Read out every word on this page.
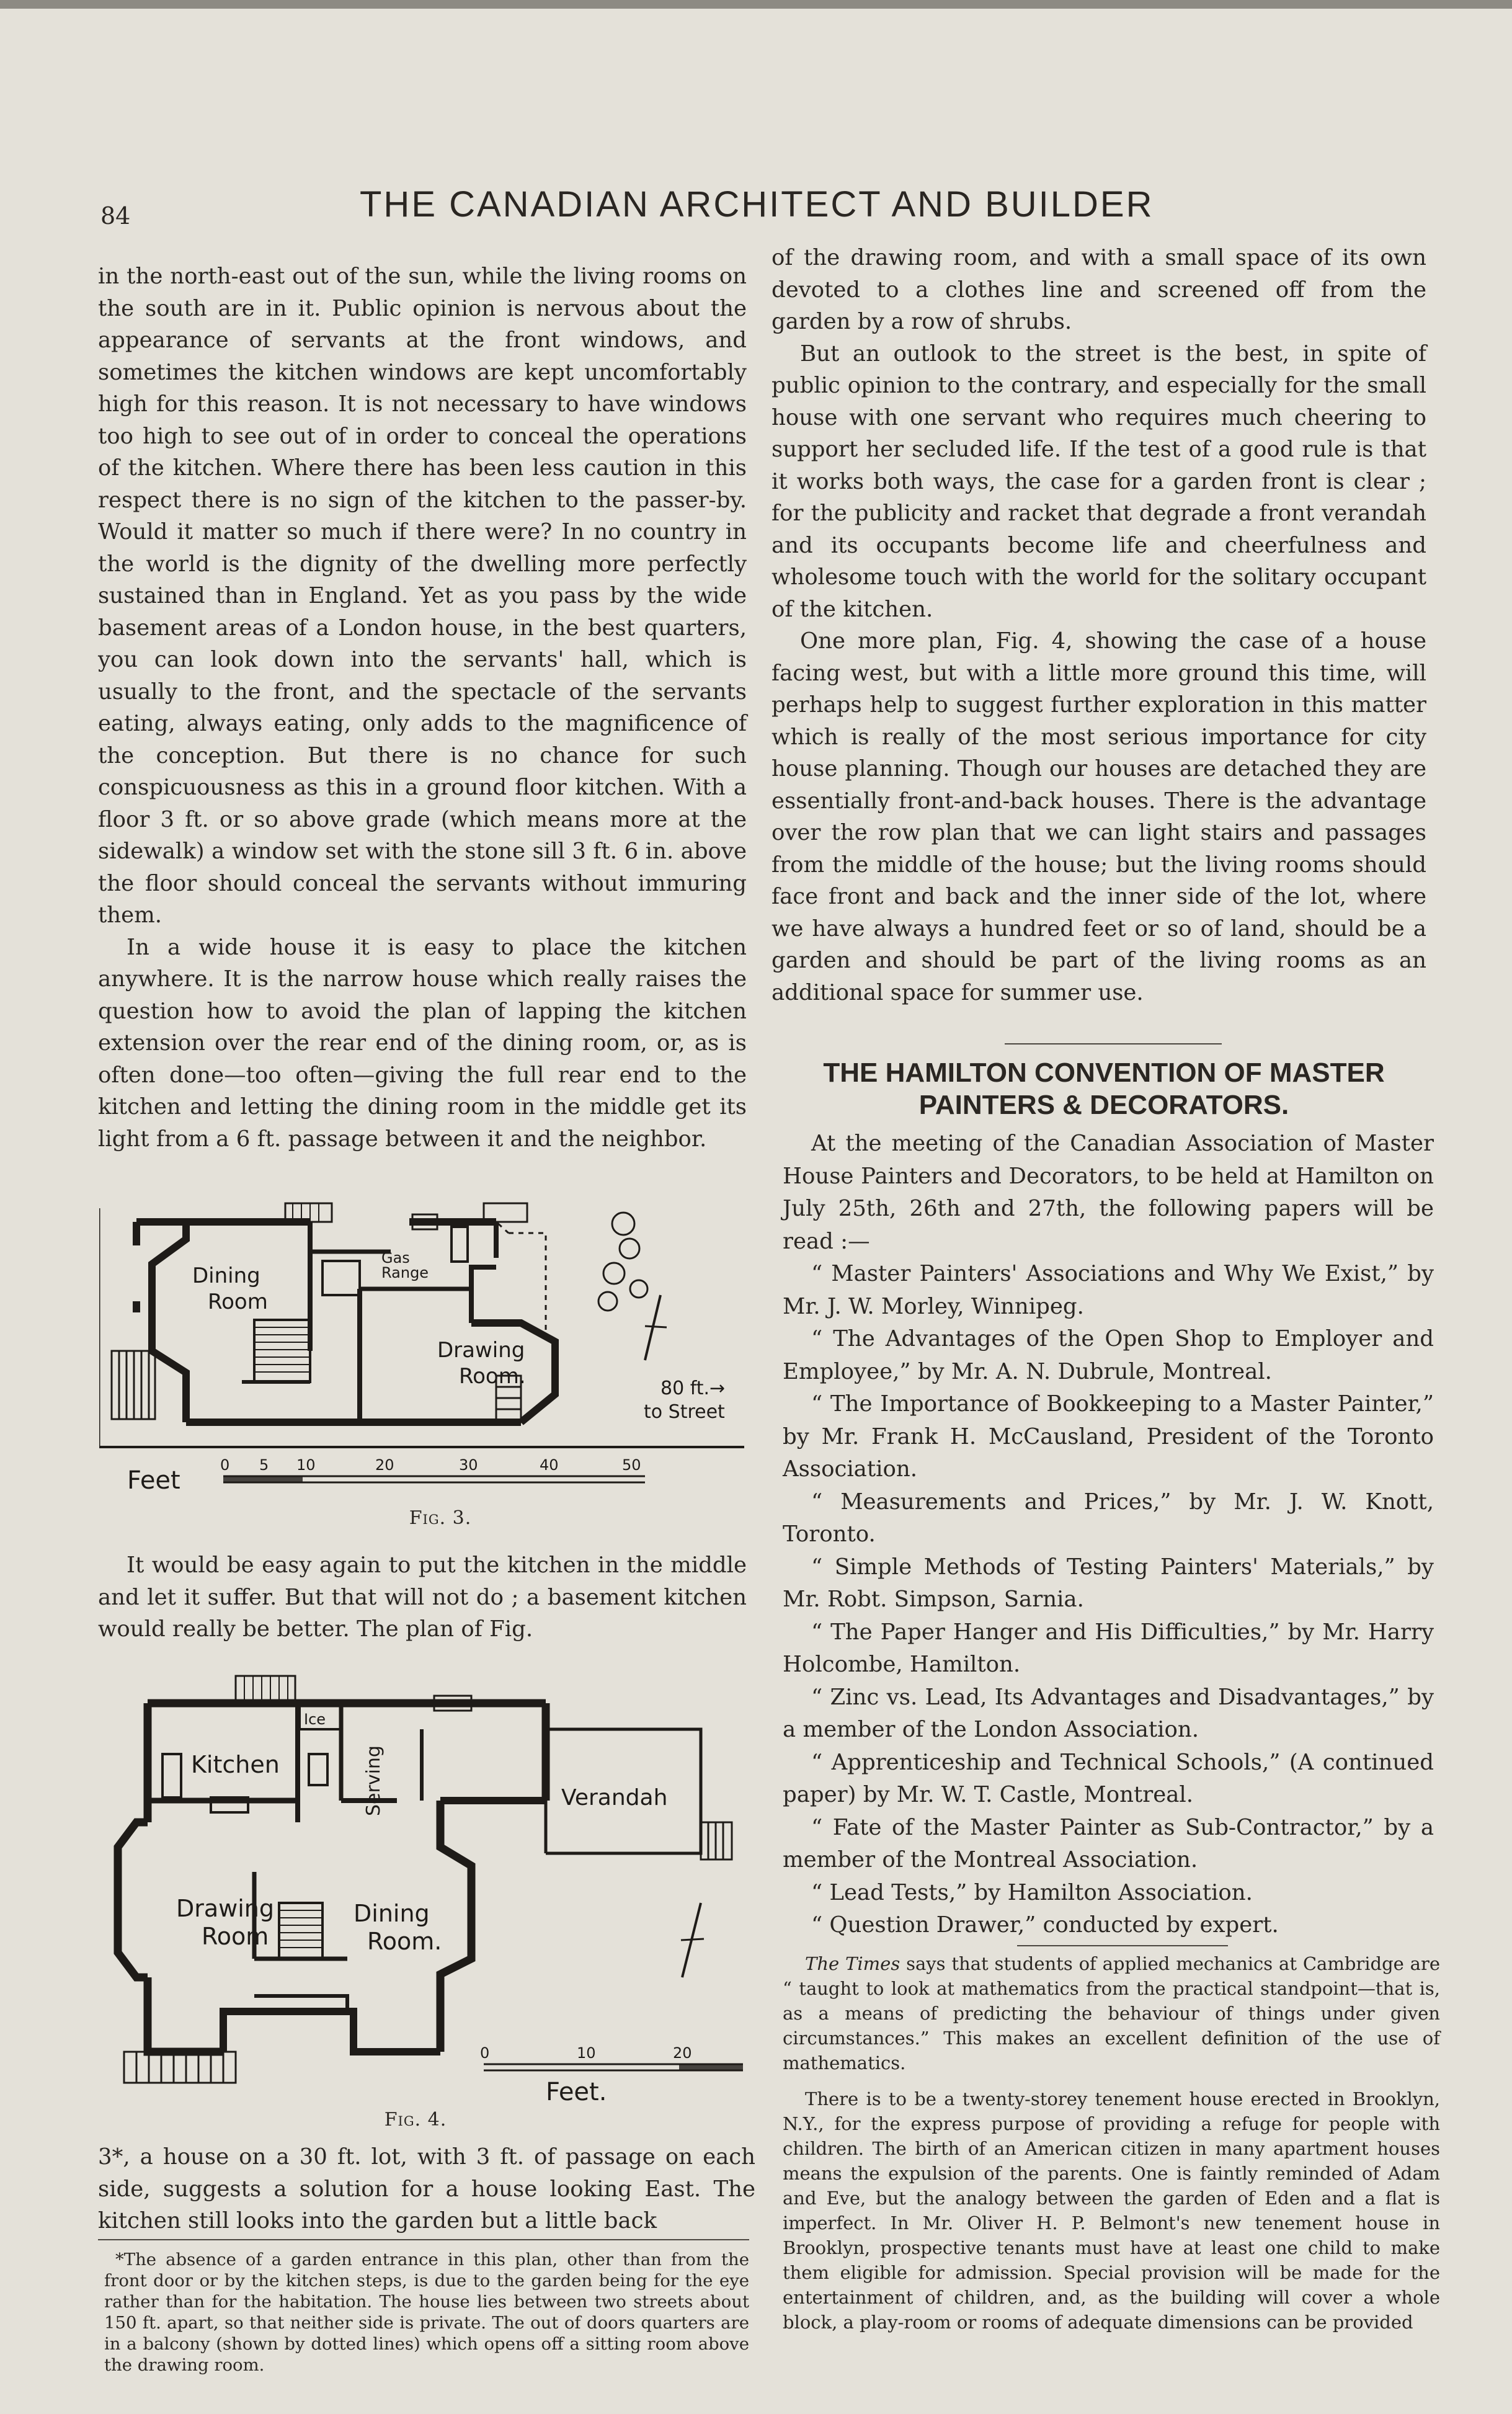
84	THE CANADIAN ARCHITECT AND BUILDER

in the north-east out of the sun, while the living rooms on the south are in it. Public opinion is nervous about the appearance of servants at the front windows, and sometimes the kitchen windows are kept uncomfortably high for this reason. It is not necessary to have windows too high to see out of in order to conceal the operations of the kitchen. Where there has been less caution in this respect there is no sign of the kitchen to the passer-by. Would it matter so much if there were? In no country in the world is the dignity of the dwelling more perfectly sustained than in England. Yet as you pass by the wide basement areas of a London house, in the best quarters, you can look down into the servants' hall, which is usually to the front, and the spectacle of the servants eating, always eating, only adds to the magnificence of the conception. But there is no chance for such conspicuousness as this in a ground floor kitchen. With a floor 3 ft. or so above grade (which means more at the sidewalk) a window set with the stone sill 3 ft. 6 in. above the floor should conceal the servants without immuring them.

In a wide house it is easy to place the kitchen anywhere. It is the narrow house which really raises the question how to avoid the plan of lapping the kitchen extension over the rear end of the dining room, or, as is often done—too often—giving the full rear end to the kitchen and letting the dining room in the middle get its light from a 6 ft. passage between it and the neighbor.

Dining
Room
Gas
Range
Drawing
Room.	80 ft.→
to Street
Feet
0 5 10	20	30	40	50
Fig. 3.

It would be easy again to put the kitchen in the middle and let it suffer. But that will not do ; a basement kitchen would really be better. The plan of Fig.

Kitchen
Ice
Serving	Verandah
Drawing
Room
Dining
Room.
Feet.
0	10	20
Fig. 4.

3*, a house on a 30 ft. lot, with 3 ft. of passage on each side, suggests a solution for a house looking East. The kitchen still looks into the garden but a little back

*The absence of a garden entrance in this plan, other than from the front door or by the kitchen steps, is due to the garden being for the eye rather than for the habitation. The house lies between two streets about 150 ft. apart, so that neither side is private. The out of doors quarters are in a balcony (shown by dotted lines) which opens off a sitting room above the drawing room.

of the drawing room, and with a small space of its own devoted to a clothes line and screened off from the garden by a row of shrubs.

But an outlook to the street is the best, in spite of public opinion to the contrary, and especially for the small house with one servant who requires much cheering to support her secluded life. If the test of a good rule is that it works both ways, the case for a garden front is clear ; for the publicity and racket that degrade a front verandah and its occupants become life and cheerfulness and wholesome touch with the world for the solitary occupant of the kitchen.

One more plan, Fig. 4, showing the case of a house facing west, but with a little more ground this time, will perhaps help to suggest further exploration in this matter which is really of the most serious importance for city house planning. Though our houses are detached they are essentially front-and-back houses. There is the advantage over the row plan that we can light stairs and passages from the middle of the house; but the living rooms should face front and back and the inner side of the lot, where we have always a hundred feet or so of land, should be a garden and should be part of the living rooms as an additional space for summer use.

THE HAMILTON CONVENTION OF MASTER PAINTERS & DECORATORS.

At the meeting of the Canadian Association of Master House Painters and Decorators, to be held at Hamilton on July 25th, 26th and 27th, the following papers will be read :—

“ Master Painters' Associations and Why We Exist,” by Mr. J. W. Morley, Winnipeg.

“ The Advantages of the Open Shop to Employer and Employee,” by Mr. A. N. Dubrule, Montreal.

“ The Importance of Bookkeeping to a Master Painter,” by Mr. Frank H. McCausland, President of the Toronto Association.

“ Measurements and Prices,” by Mr. J. W. Knott, Toronto.

“ Simple Methods of Testing Painters' Materials,” by Mr. Robt. Simpson, Sarnia.

“ The Paper Hanger and His Difficulties,” by Mr. Harry Holcombe, Hamilton.

“ Zinc vs. Lead, Its Advantages and Disadvantages,” by a member of the London Association.

“ Apprenticeship and Technical Schools,” (A continued paper) by Mr. W. T. Castle, Montreal.

“ Fate of the Master Painter as Sub-Contractor,” by a member of the Montreal Association.

“ Lead Tests,” by Hamilton Association.

“ Question Drawer,” conducted by expert.

The Times says that students of applied mechanics at Cambridge are “ taught to look at mathematics from the practical standpoint—that is, as a means of predicting the behaviour of things under given circumstances.” This makes an excellent definition of the use of mathematics.

There is to be a twenty-storey tenement house erected in Brooklyn, N.Y., for the express purpose of providing a refuge for people with children. The birth of an American citizen in many apartment houses means the expulsion of the parents. One is faintly reminded of Adam and Eve, but the analogy between the garden of Eden and a flat is imperfect. In Mr. Oliver H. P. Belmont's new tenement house in Brooklyn, prospective tenants must have at least one child to make them eligible for admission. Special provision will be made for the entertainment of children, and, as the building will cover a whole block, a play-room or rooms of adequate dimensions can be provided
